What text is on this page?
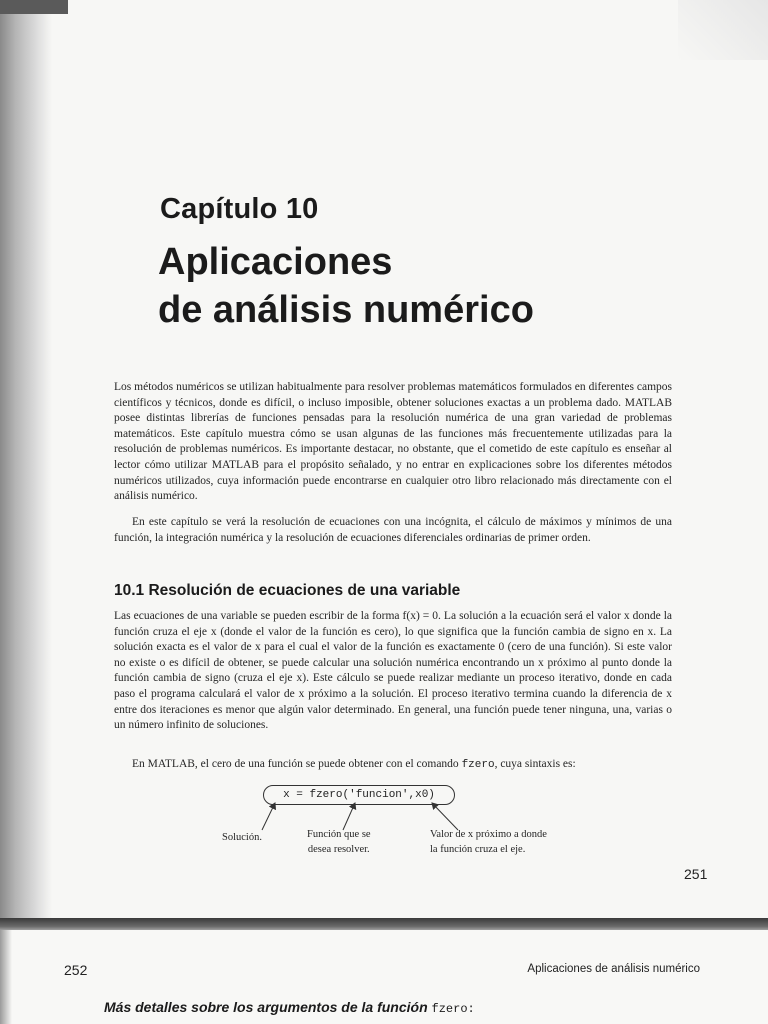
Capítulo 10
Aplicaciones
de análisis numérico

Los métodos numéricos se utilizan habitualmente para resolver problemas matemáticos formulados en diferentes campos científicos y técnicos, donde es difícil, o incluso imposible, obtener soluciones exactas a un problema dado. MATLAB posee distintas librerías de funciones pensadas para la resolución numérica de una gran variedad de problemas matemáticos. Este capítulo muestra cómo se usan algunas de las funciones más frecuentemente utilizadas para la resolución de problemas numéricos. Es importante destacar, no obstante, que el cometido de este capítulo es enseñar al lector cómo utilizar MATLAB para el propósito señalado, y no entrar en explicaciones sobre los diferentes métodos numéricos utilizados, cuya información puede encontrarse en cualquier otro libro relacionado más directamente con el análisis numérico.

En este capítulo se verá la resolución de ecuaciones con una incógnita, el cálculo de máximos y mínimos de una función, la integración numérica y la resolución de ecuaciones diferenciales ordinarias de primer orden.

10.1 Resolución de ecuaciones de una variable

Las ecuaciones de una variable se pueden escribir de la forma f(x) = 0. La solución a la ecuación será el valor x donde la función cruza el eje x (donde el valor de la función es cero), lo que significa que la función cambia de signo en x. La solución exacta es el valor de x para el cual el valor de la función es exactamente 0 (cero de una función). Si este valor no existe o es difícil de obtener, se puede calcular una solución numérica encontrando un x próximo al punto donde la función cambia de signo (cruza el eje x). Este cálculo se puede realizar mediante un proceso iterativo, donde en cada paso el programa calculará el valor de x próximo a la solución. El proceso iterativo termina cuando la diferencia de x entre dos iteraciones es menor que algún valor determinado. En general, una función puede tener ninguna, una, varias o un número infinito de soluciones.

En MATLAB, el cero de una función se puede obtener con el comando fzero, cuya sintaxis es:

x = fzero('funcion',x0)
Solución.	Función que se
desea resolver.
Valor de x próximo a donde
la función cruza el eje.
251
252	Aplicaciones de análisis numérico
Más detalles sobre los argumentos de la función fzero:
